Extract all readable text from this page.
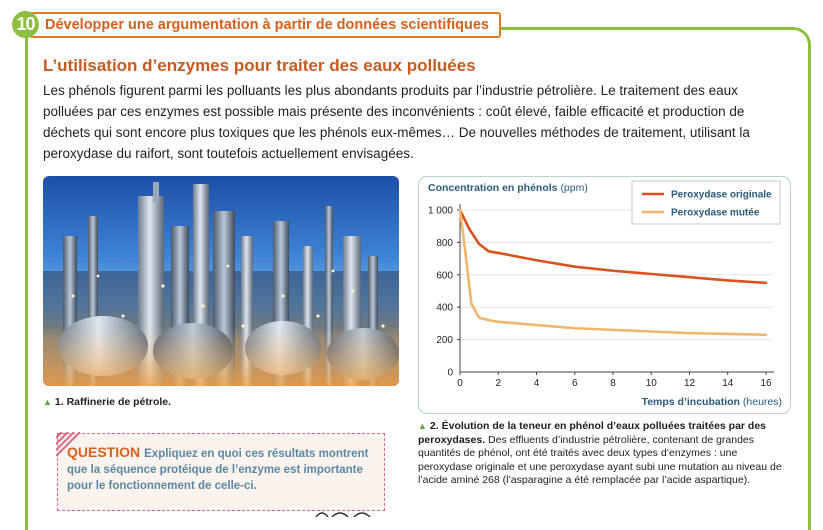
10 Développer une argumentation à partir de données scientifiques
L’utilisation d’enzymes pour traiter des eaux polluées
Les phénols figurent parmi les polluants les plus abondants produits par l’industrie pétrolière. Le traitement des eaux polluées par ces enzymes est possible mais présente des inconvénients : coût élevé, faible efficacité et production de déchets qui sont encore plus toxiques que les phénols eux-mêmes… De nouvelles méthodes de traitement, utilisant la peroxydase du raifort, sont toutefois actuellement envisagées.
▲ 1. Raffinerie de pétrole.
QUESTION Expliquez en quoi ces résultats montrent que la séquence protéique de l’enzyme est importante pour le fonctionnement de celle-ci.
Concentration en phénols (ppm)
200
400
600
800
1 000
0
0	2	4	6	8	10	12	14	16
Temps d’incubation (heures)
Peroxydase originale
Peroxydase mutée
▲ 2. Évolution de la teneur en phénol d’eaux polluées traitées par des peroxydases. Des effluents d’industrie pétrolière, contenant de grandes quantités de phénol, ont été traités avec deux types d’enzymes : une peroxydase originale et une peroxydase ayant subi une mutation au niveau de l’acide aminé 268 (l’asparagine a été remplacée par l’acide aspartique).
